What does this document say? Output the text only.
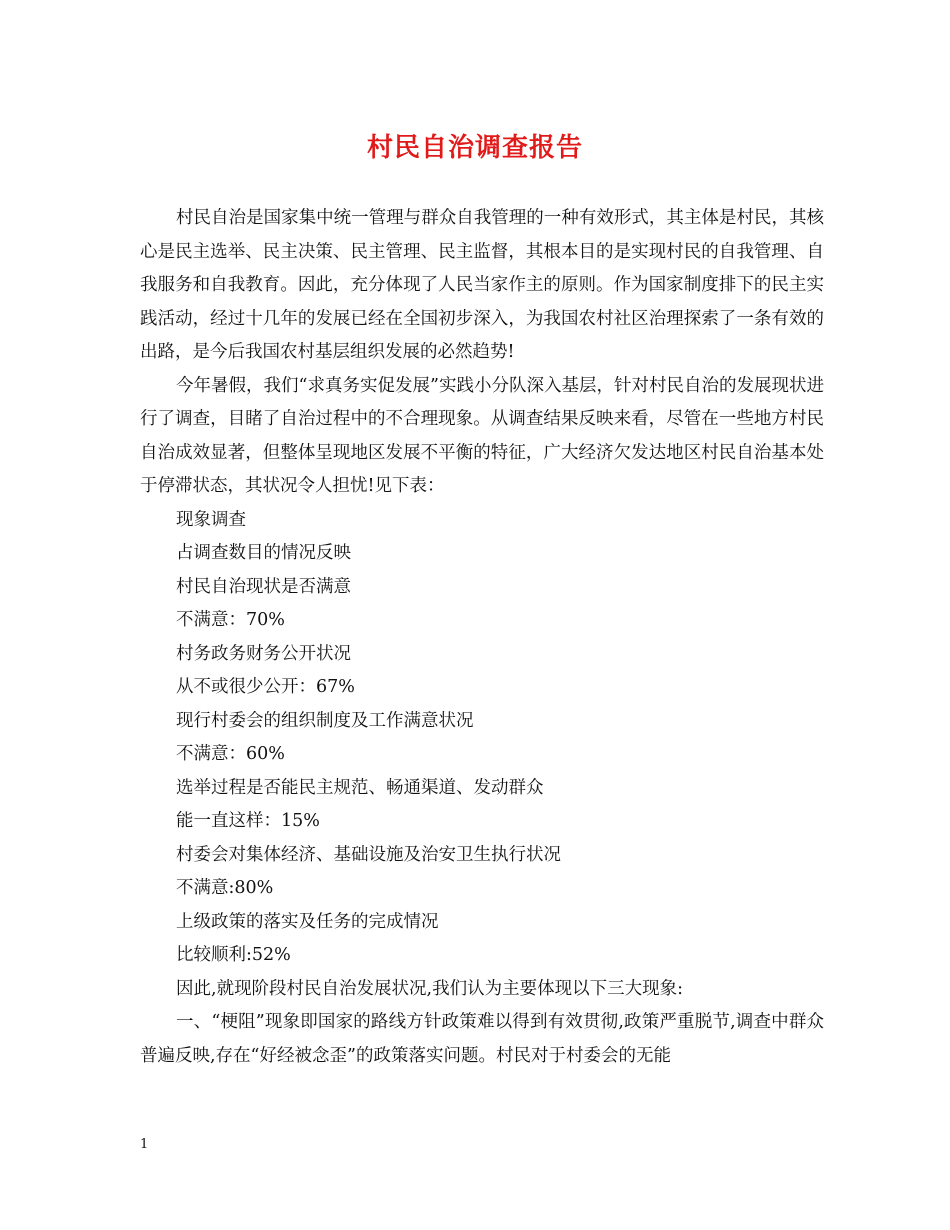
村民自治调查报告

村民自治是国家集中统一管理与群众自我管理的一种有效形式，其主体是村民，其核心是民主选举、民主决策、民主管理、民主监督，其根本目的是实现村民的自我管理、自我服务和自我教育。因此，充分体现了人民当家作主的原则。作为国家制度排下的民主实践活动，经过十几年的发展已经在全国初步深入，为我国农村社区治理探索了一条有效的出路，是今后我国农村基层组织发展的必然趋势!

今年暑假，我们“求真务实促发展”实践小分队深入基层，针对村民自治的发展现状进行了调查，目睹了自治过程中的不合理现象。从调查结果反映来看，尽管在一些地方村民自治成效显著，但整体呈现地区发展不平衡的特征，广大经济欠发达地区村民自治基本处于停滞状态，其状况令人担忧!见下表：

现象调查

占调查数目的情况反映

村民自治现状是否满意

不满意：70%

村务政务财务公开状况

从不或很少公开：67%

现行村委会的组织制度及工作满意状况

不满意：60%

选举过程是否能民主规范、畅通渠道、发动群众

能一直这样：15%

村委会对集体经济、基础设施及治安卫生执行状况

不满意:80%

上级政策的落实及任务的完成情况

比较顺利:52%

因此,就现阶段村民自治发展状况,我们认为主要体现以下三大现象:

一、“梗阻”现象即国家的路线方针政策难以得到有效贯彻,政策严重脱节,调查中群众普遍反映,存在“好经被念歪”的政策落实问题。村民对于村委会的无能

1
